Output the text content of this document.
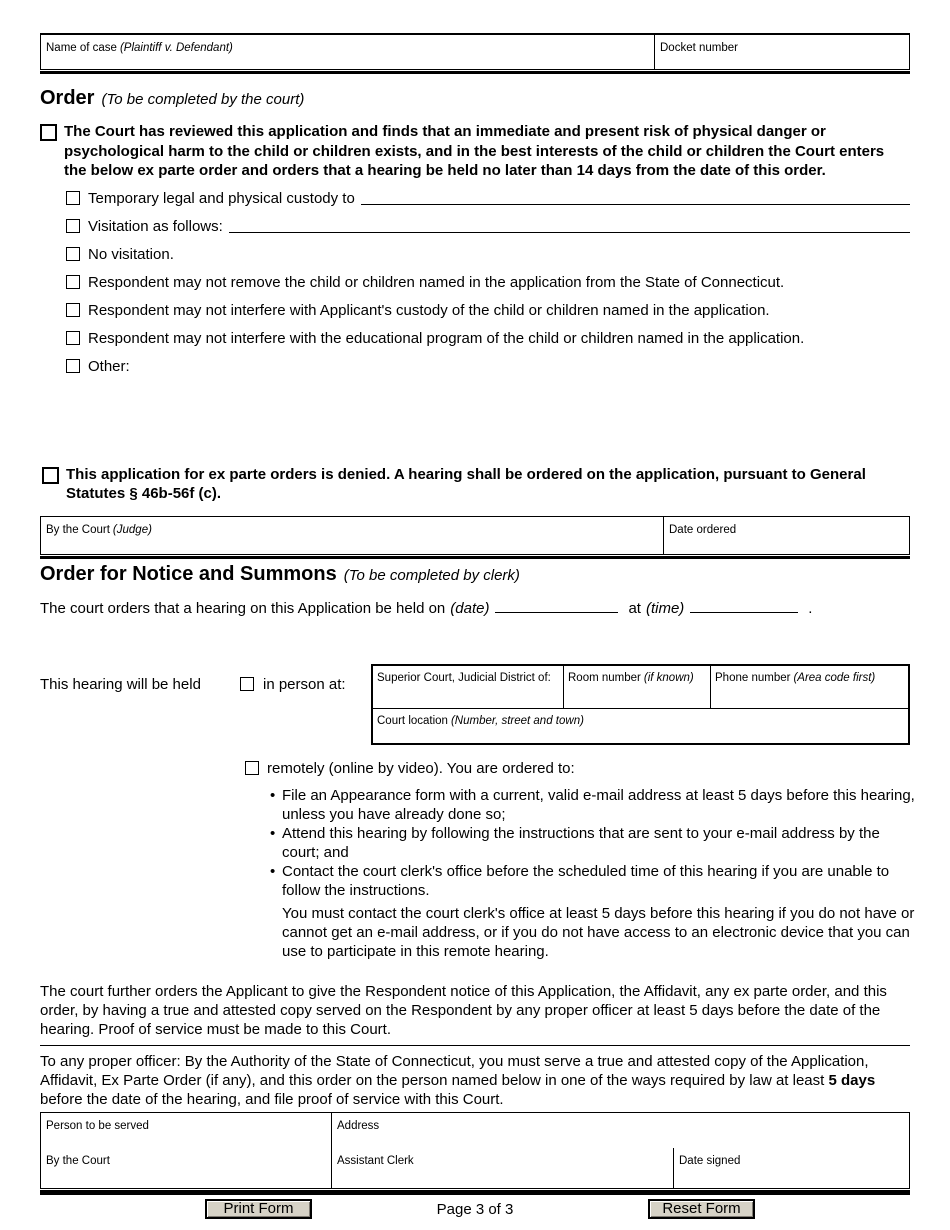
Name of case (Plaintiff v. Defendant)	Docket number
Order (To be completed by the court)
The Court has reviewed this application and finds that an immediate and present risk of physical danger or psychological harm to the child or children exists, and in the best interests of the child or children the Court enters the below ex parte order and orders that a hearing be held no later than 14 days from the date of this order.
Temporary legal and physical custody to
Visitation as follows:
No visitation.
Respondent may not remove the child or children named in the application from the State of Connecticut.
Respondent may not interfere with Applicant's custody of the child or children named in the application.
Respondent may not interfere with the educational program of the child or children named in the application.
Other:
This application for ex parte orders is denied. A hearing shall be ordered on the application, pursuant to General Statutes § 46b-56f (c).
By the Court (Judge)	Date ordered
Order for Notice and Summons (To be completed by clerk)
The court orders that a hearing on this Application be held on (date)	at (time)	.
This hearing will be held	in person at:	Superior Court, Judicial District of:	Room number (if known)	Phone number (Area code first)
Court location (Number, street and town)
remotely (online by video). You are ordered to:
• File an Appearance form with a current, valid e-mail address at least 5 days before this hearing, unless you have already done so;
• Attend this hearing by following the instructions that are sent to your e-mail address by the court; and
• Contact the court clerk's office before the scheduled time of this hearing if you are unable to follow the instructions.
You must contact the court clerk's office at least 5 days before this hearing if you do not have or cannot get an e-mail address, or if you do not have access to an electronic device that you can use to participate in this remote hearing.
The court further orders the Applicant to give the Respondent notice of this Application, the Affidavit, any ex parte order, and this order, by having a true and attested copy served on the Respondent by any proper officer at least 5 days before the date of the hearing. Proof of service must be made to this Court.
To any proper officer: By the Authority of the State of Connecticut, you must serve a true and attested copy of the Application, Affidavit, Ex Parte Order (if any), and this order on the person named below in one of the ways required by law at least 5 days before the date of the hearing, and file proof of service with this Court.
Person to be served	Address
By the Court	Assistant Clerk	Date signed
Print Form	Page 3 of 3	Reset Form
